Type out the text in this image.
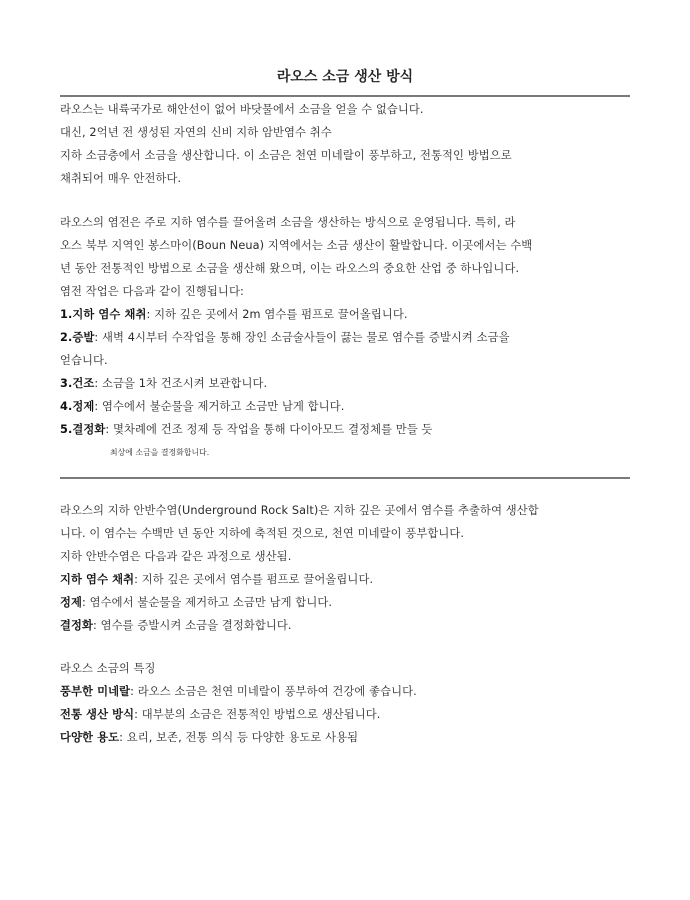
라오스 소금 생산 방식
라오스는 내륙국가로 해안선이 없어 바닷물에서 소금을 얻을 수 없습니다.
대신, 2억년 전 생성된 자연의 신비 지하 암반염수 취수
지하 소금층에서 소금을 생산합니다. 이 소금은 천연 미네랄이 풍부하고, 전통적인 방법으로
채취되어 매우 안전하다.
라오스의 염전은 주로 지하 염수를 끌어올려 소금을 생산하는 방식으로 운영됩니다. 특히, 라
오스 북부 지역인 봉스마이(Boun Neua) 지역에서는 소금 생산이 활발합니다. 이곳에서는 수백
년 동안 전통적인 방법으로 소금을 생산해 왔으며, 이는 라오스의 중요한 산업 중 하나입니다.
염전 작업은 다음과 같이 진행됩니다:
1.지하 염수 채취: 지하 깊은 곳에서 2m 염수를 펌프로 끌어올립니다.
2.증발: 새벽 4시부터 수작업을 통해 장인 소금술사들이 끓는 물로 염수를 증발시켜 소금을
얻습니다.
3.건조: 소금을 1차 건조시켜 보관합니다.
4.정제: 염수에서 불순물을 제거하고 소금만 남게 합니다.
5.결정화: 몇차례에 건조 정제 등 작업을 통해 다이아모드 결정체를 만들 듯
최상에 소금을 결정화합니다.
라오스의 지하 안반수염(Underground Rock Salt)은 지하 깊은 곳에서 염수를 추출하여 생산합
니다. 이 염수는 수백만 년 동안 지하에 축적된 것으로, 천연 미네랄이 풍부합니다.
지하 안반수염은 다음과 같은 과정으로 생산됨.
지하 염수 채취: 지하 깊은 곳에서 염수를 펌프로 끌어올립니다.
정제: 염수에서 불순물을 제거하고 소금만 남게 합니다.
결정화: 염수를 증발시켜 소금을 결정화합니다.
라오스 소금의 특징
풍부한 미네랄: 라오스 소금은 천연 미네랄이 풍부하여 건강에 좋습니다.
전통 생산 방식: 대부분의 소금은 전통적인 방법으로 생산됩니다.
다양한 용도: 요리, 보존, 전통 의식 등 다양한 용도로 사용됨
